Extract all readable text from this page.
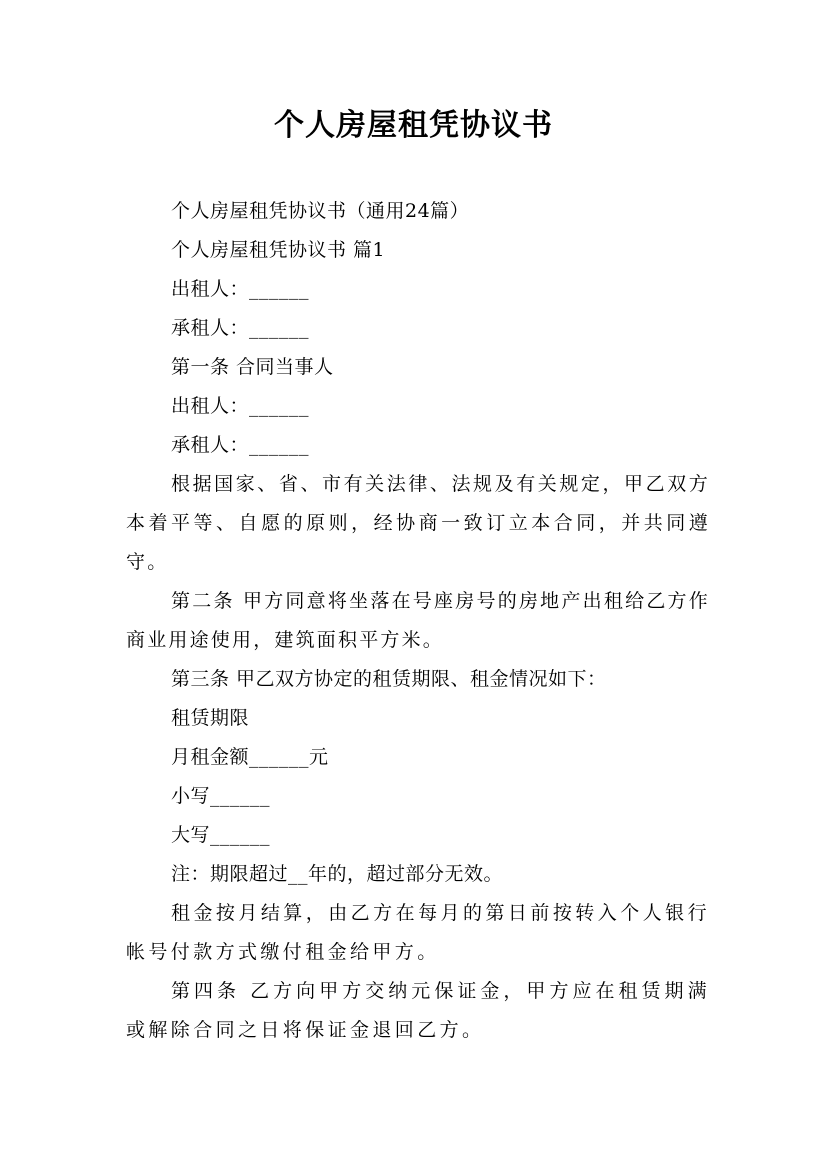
个人房屋租凭协议书
个人房屋租凭协议书（通用24篇）
个人房屋租凭协议书 篇1
出租人：______
承租人：______
第一条 合同当事人
出租人：______
承租人：______
根据国家、省、市有关法律、法规及有关规定，甲乙双方本着平等、自愿的原则，经协商一致订立本合同，并共同遵守。
第二条 甲方同意将坐落在号座房号的房地产出租给乙方作商业用途使用，建筑面积平方米。
第三条 甲乙双方协定的租赁期限、租金情况如下：
租赁期限
月租金额______元
小写______
大写______
注：期限超过__年的，超过部分无效。
租金按月结算，由乙方在每月的第日前按转入个人银行帐号付款方式缴付租金给甲方。
第四条 乙方向甲方交纳元保证金，甲方应在租赁期满或解除合同之日将保证金退回乙方。
